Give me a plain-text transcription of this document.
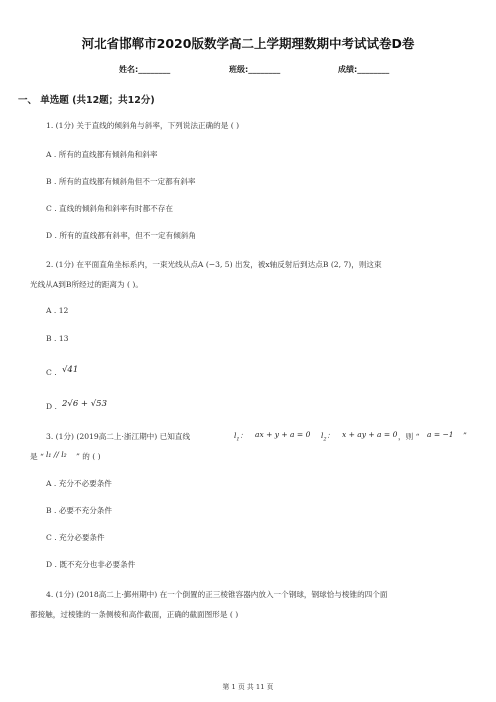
河北省邯郸市2020版数学高二上学期理数期中考试试卷D卷
姓名:________	班级:________	成绩:________
一、 单选题 (共12题；共12分)
1. (1分) 关于直线的倾斜角与斜率，下列说法正确的是 ( )
A . 所有的直线都有倾斜角和斜率
B . 所有的直线都有倾斜角但不一定都有斜率
C . 直线的倾斜角和斜率有时都不存在
D . 所有的直线都有斜率，但不一定有倾斜角
2. (1分) 在平面直角坐标系内，一束光线从点A (−3, 5) 出发，被x轴反射后到达点B (2, 7)，则这束
光线从A到B所经过的距离为 ( )。
A . 12
B . 13
C . √41
D . 2√6 + √53
3. (1分) (2019高二上·浙江期中) 已知直线	$l_1$： ax + y + a = 0 $l_2$： x + ay + a = 0 ，则 “ a = −1 ”
是 “ l₁ // l₂ ” 的 ( )
A . 充分不必要条件
B . 必要不充分条件
C . 充分必要条件
D . 既不充分也非必要条件
4. (1分) (2018高二上·鄞州期中) 在一个倒置的正三棱锥容器内放入一个钢球，钢球恰与棱锥的四个面
都接触，过棱锥的一条侧棱和高作截面，正确的截面图形是 ( )
第 1 页 共 11 页
